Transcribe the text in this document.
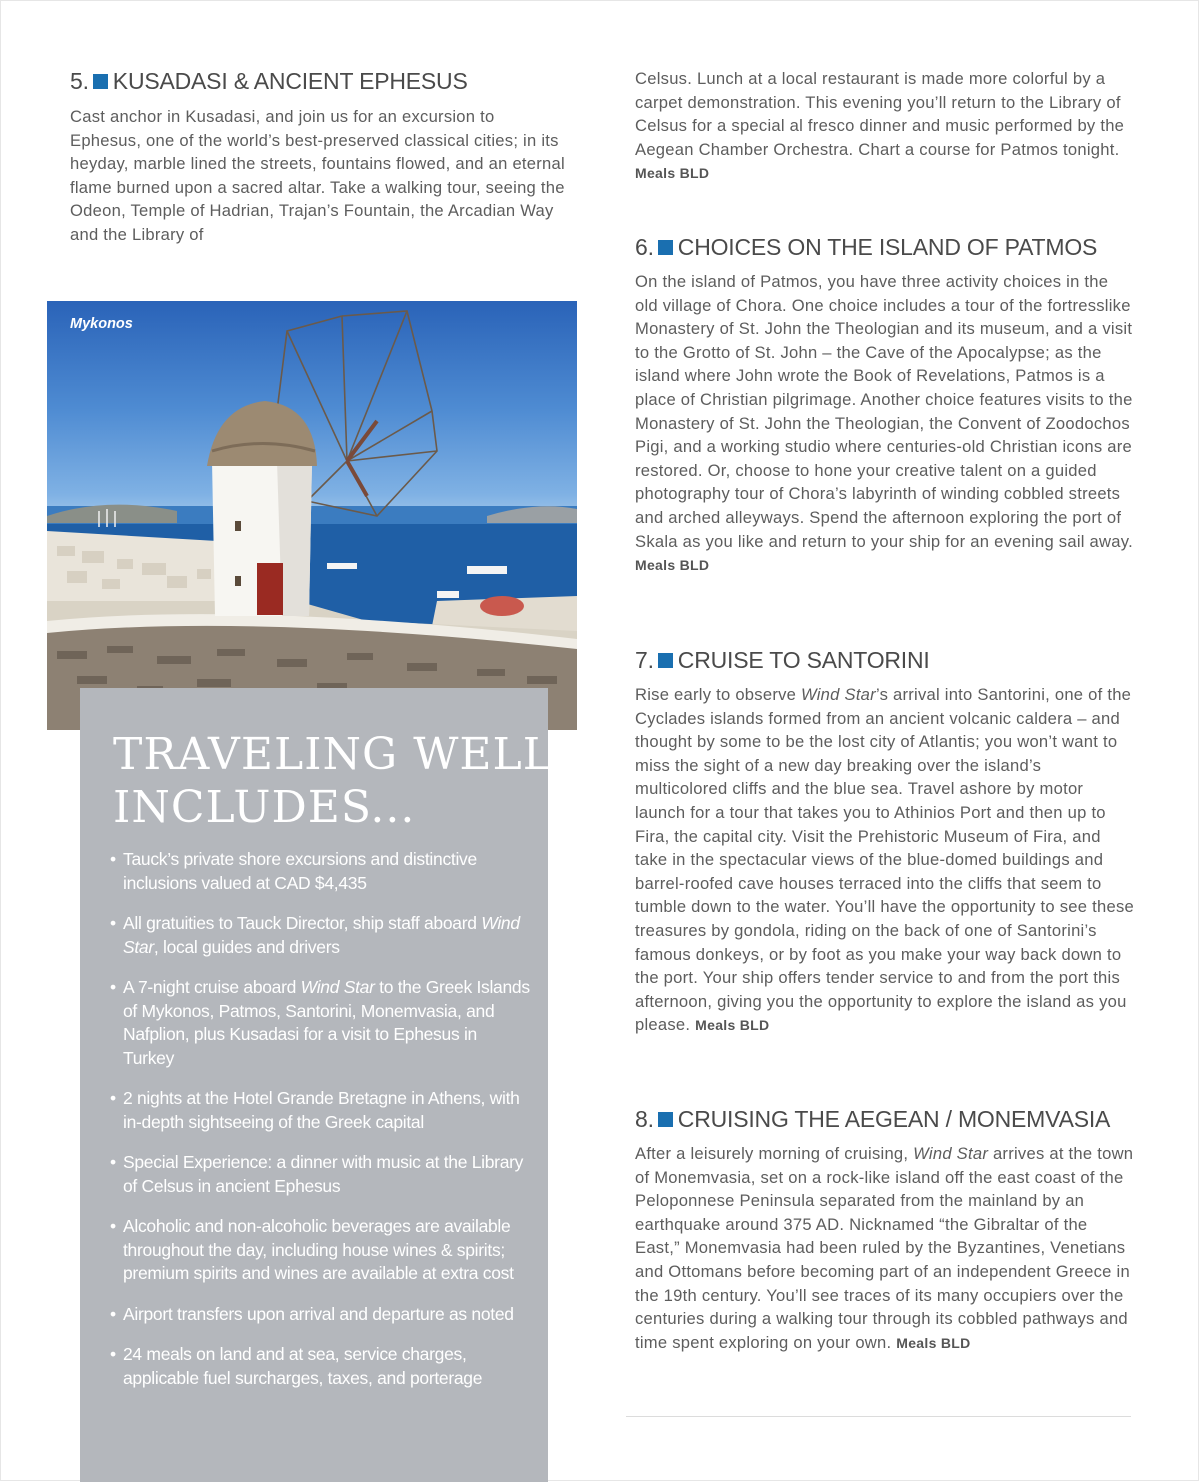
5. KUSADASI & ANCIENT EPHESUS

Cast anchor in Kusadasi, and join us for an excursion to Ephesus, one of the world’s best-preserved classical cities; in its heyday, marble lined the streets, fountains flowed, and an eternal flame burned upon a sacred altar. Take a walking tour, seeing the Odeon, Temple of Hadrian, Trajan’s Fountain, the Arcadian Way and the Library of

Mykonos
TRAVELING WELL
INCLUDES...
• Tauck’s private shore excursions and distinctive inclusions valued at CAD $4,435
• All gratuities to Tauck Director, ship staff aboard Wind Star, local guides and drivers
• A 7-night cruise aboard Wind Star to the Greek Islands of Mykonos, Patmos, Santorini, Monemvasia, and Nafplion, plus Kusadasi for a visit to Ephesus in Turkey
• 2 nights at the Hotel Grande Bretagne in Athens, with in-depth sightseeing of the Greek capital
• Special Experience: a dinner with music at the Library of Celsus in ancient Ephesus
• Alcoholic and non-alcoholic beverages are available throughout the day, including house wines & spirits; premium spirits and wines are available at extra cost
• Airport transfers upon arrival and departure as noted
• 24 meals on land and at sea, service charges, applicable fuel surcharges, taxes, and porterage

Celsus. Lunch at a local restaurant is made more colorful by a carpet demonstration. This evening you’ll return to the Library of Celsus for a special al fresco dinner and music performed by the Aegean Chamber Orchestra. Chart a course for Patmos tonight. Meals BLD

6. CHOICES ON THE ISLAND OF PATMOS

On the island of Patmos, you have three activity choices in the old village of Chora. One choice includes a tour of the fortresslike Monastery of St. John the Theologian and its museum, and a visit to the Grotto of St. John – the Cave of the Apocalypse; as the island where John wrote the Book of Revelations, Patmos is a place of Christian pilgrimage. Another choice features visits to the Monastery of St. John the Theologian, the Convent of Zoodochos Pigi, and a working studio where centuries-old Christian icons are restored. Or, choose to hone your creative talent on a guided photography tour of Chora’s labyrinth of winding cobbled streets and arched alleyways. Spend the afternoon exploring the port of Skala as you like and return to your ship for an evening sail away. Meals BLD

7. CRUISE TO SANTORINI

Rise early to observe Wind Star’s arrival into Santorini, one of the Cyclades islands formed from an ancient volcanic caldera – and thought by some to be the lost city of Atlantis; you won’t want to miss the sight of a new day breaking over the island’s multicolored cliffs and the blue sea. Travel ashore by motor launch for a tour that takes you to Athinios Port and then up to Fira, the capital city. Visit the Prehistoric Museum of Fira, and take in the spectacular views of the blue-domed buildings and barrel-roofed cave houses terraced into the cliffs that seem to tumble down to the water. You’ll have the opportunity to see these treasures by gondola, riding on the back of one of Santorini’s famous donkeys, or by foot as you make your way back down to the port. Your ship offers tender service to and from the port this afternoon, giving you the opportunity to explore the island as you please. Meals BLD

8. CRUISING THE AEGEAN / MONEMVASIA

After a leisurely morning of cruising, Wind Star arrives at the town of Monemvasia, set on a rock-like island off the east coast of the Peloponnese Peninsula separated from the mainland by an earthquake around 375 AD. Nicknamed “the Gibraltar of the East,” Monemvasia had been ruled by the Byzantines, Venetians and Ottomans before becoming part of an independent Greece in the 19th century. You’ll see traces of its many occupiers over the centuries during a walking tour through its cobbled pathways and time spent exploring on your own. Meals BLD
